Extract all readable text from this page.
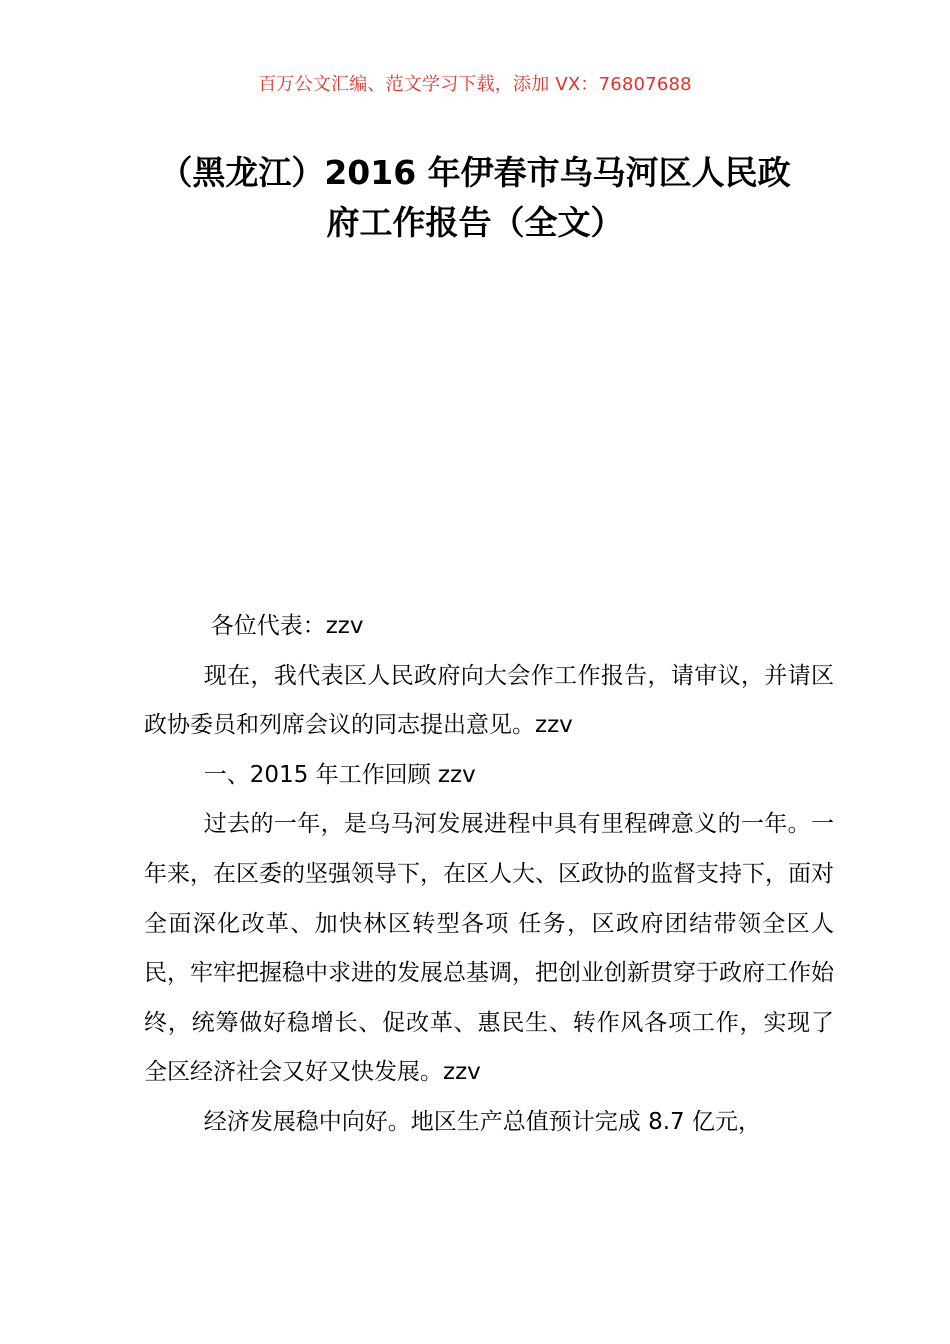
百万公文汇编、范文学习下载，添加 VX：76807688
（黑龙江）2016 年伊春市乌马河区人民政
府工作报告（全文）

各位代表：zzv

现在，我代表区人民政府向大会作工作报告，请审议，并请区政协委员和列席会议的同志提出意见。zzv

一、2015 年工作回顾 zzv

过去的一年，是乌马河发展进程中具有里程碑意义的一年。一年来，在区委的坚强领导下，在区人大、区政协的监督支持下，面对全面深化改革、加快林区转型各项 任务，区政府团结带领全区人民，牢牢把握稳中求进的发展总基调，把创业创新贯穿于政府工作始终，统筹做好稳增长、促改革、惠民生、转作风各项工作，实现了 全区经济社会又好又快发展。zzv

经济发展稳中向好。地区生产总值预计完成 8.7 亿元，
